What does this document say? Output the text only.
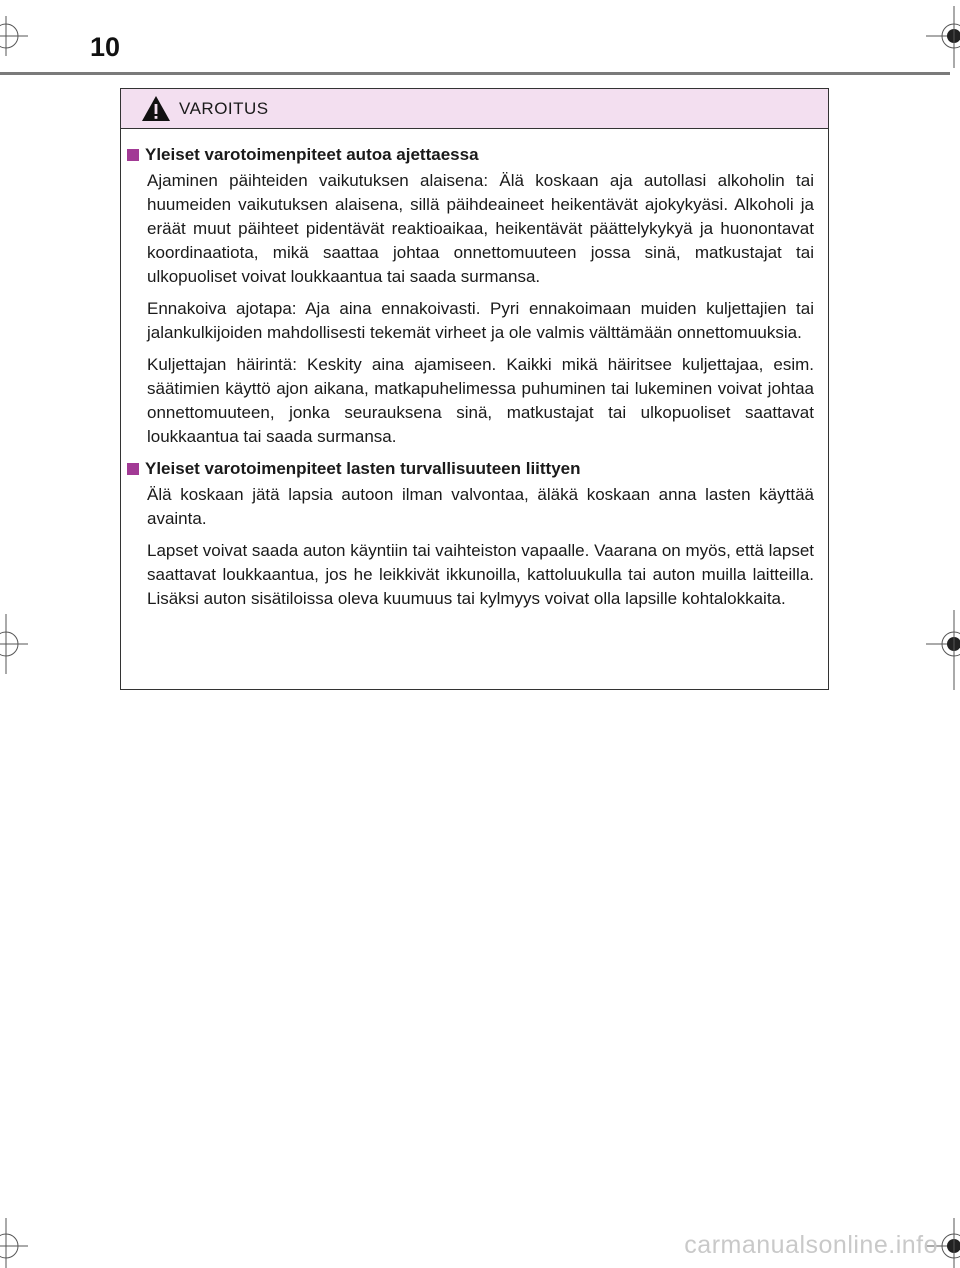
10
VAROITUS
Yleiset varotoimenpiteet autoa ajettaessa

Ajaminen päihteiden vaikutuksen alaisena: Älä koskaan aja autollasi alkoholin tai huumeiden vaikutuksen alaisena, sillä päihdeaineet heikentävät ajokykyäsi. Alkoholi ja eräät muut päihteet pidentävät reaktioaikaa, heikentävät päättelykykyä ja huonontavat koordinaatiota, mikä saattaa johtaa onnettomuuteen jossa sinä, matkustajat tai ulkopuoliset voivat loukkaantua tai saada surmansa.

Ennakoiva ajotapa: Aja aina ennakoivasti. Pyri ennakoimaan muiden kuljettajien tai jalankulkijoiden mahdollisesti tekemät virheet ja ole valmis välttämään onnettomuuksia.

Kuljettajan häirintä: Keskity aina ajamiseen. Kaikki mikä häiritsee kuljettajaa, esim. säätimien käyttö ajon aikana, matkapuhelimessa puhuminen tai lukeminen voivat johtaa onnettomuuteen, jonka seurauksena sinä, matkustajat tai ulkopuoliset saattavat loukkaantua tai saada surmansa.

Yleiset varotoimenpiteet lasten turvallisuuteen liittyen

Älä koskaan jätä lapsia autoon ilman valvontaa, äläkä koskaan anna lasten käyttää avainta.

Lapset voivat saada auton käyntiin tai vaihteiston vapaalle. Vaarana on myös, että lapset saattavat loukkaantua, jos he leikkivät ikkunoilla, kattoluukulla tai auton muilla laitteilla. Lisäksi auton sisätiloissa oleva kuumuus tai kylmyys voivat olla lapsille kohtalokkaita.

carmanualsonline.info
